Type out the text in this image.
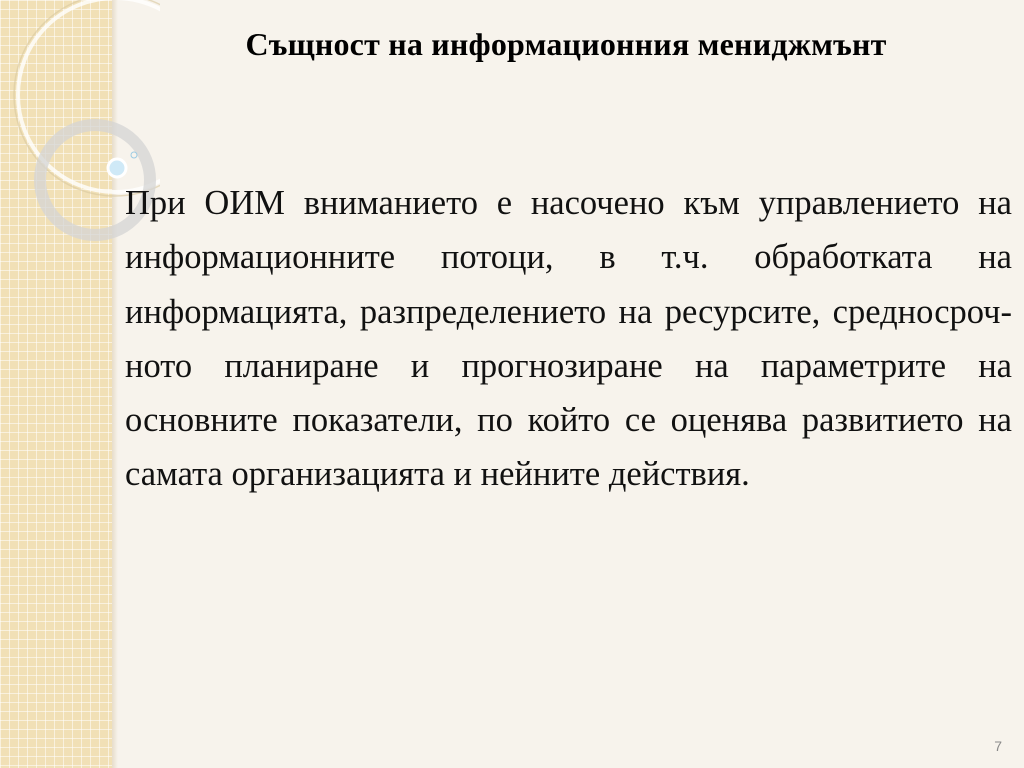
Същност на информационния мениджмънт

При ОИМ вниманието е насочено към управлението на информационните потоци, в т.ч. обработката на информацията, разпределението на ресурсите, средносрочното планиране и прогнозиране на параметрите на основните показатели, по който се оценява развитието на самата организацията и нейните действия.

7
